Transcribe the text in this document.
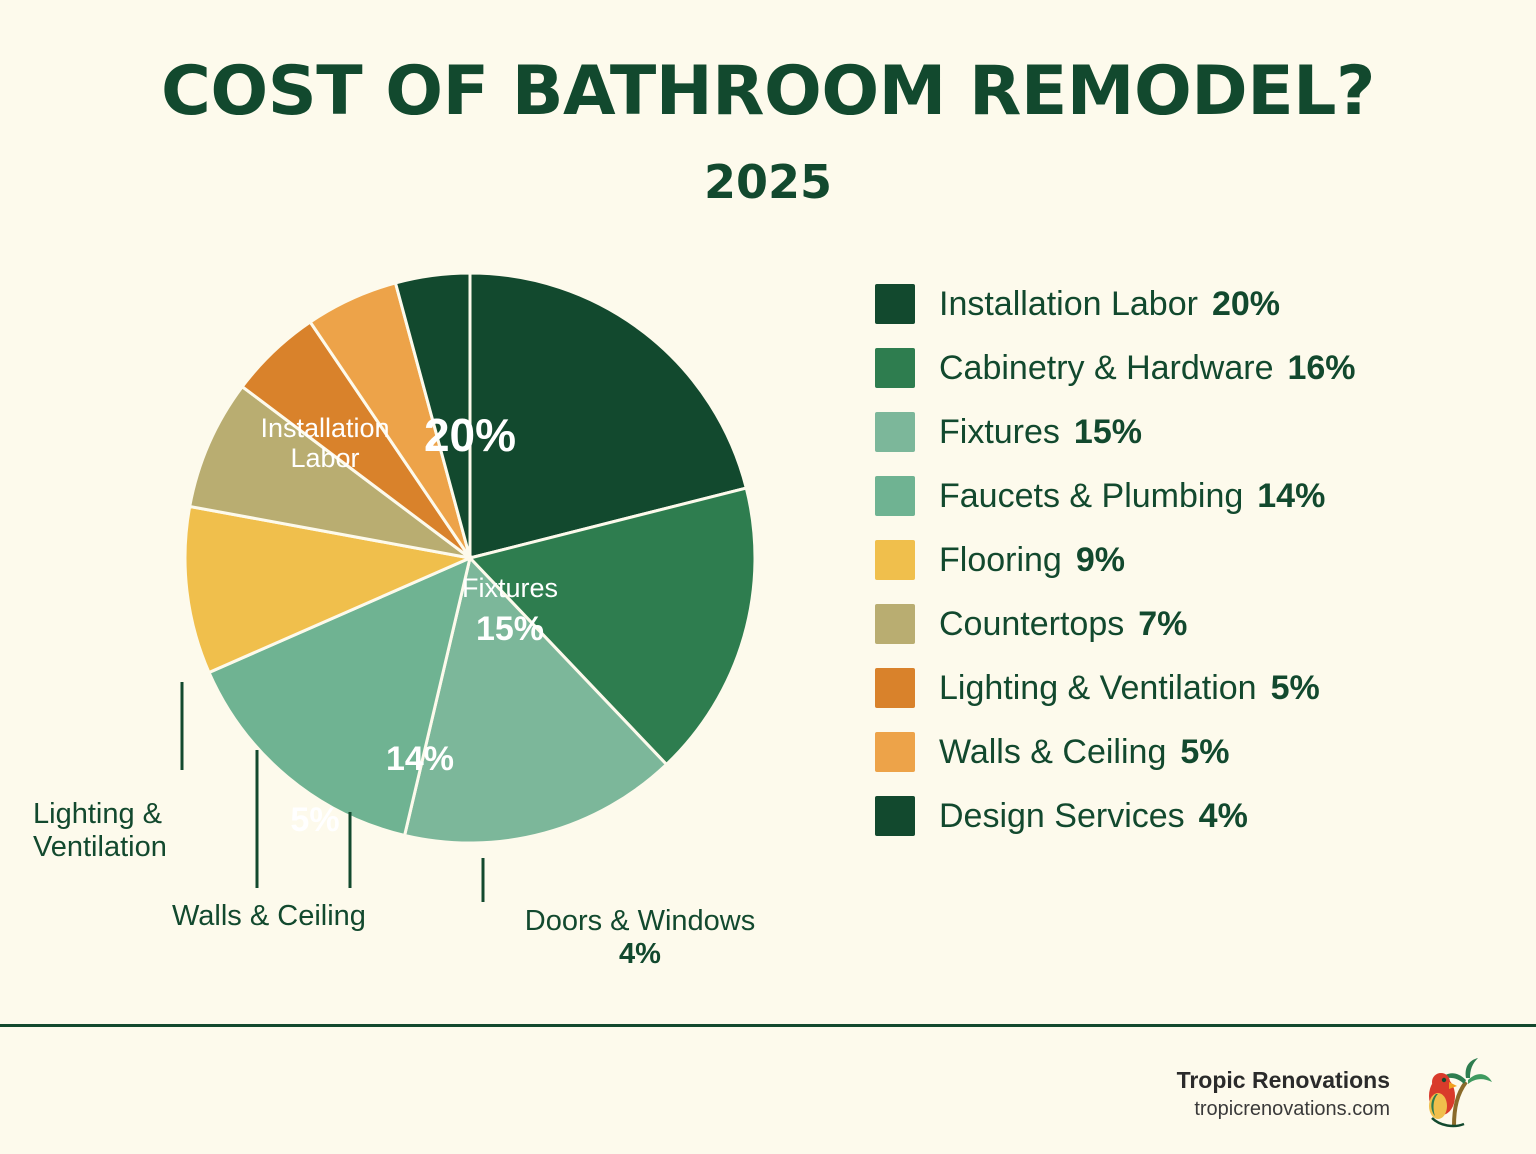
COST OF BATHROOM REMODEL?
2025
Installation
Labor	20%
Fixtures
15%
14%
5%
Lighting &
Ventilation
Walls & Ceiling	Doors & Windows
4%
Installation Labor 20%
Cabinetry & Hardware 16%
Fixtures 15%
Faucets & Plumbing 14%
Flooring 9%
Countertops 7%
Lighting & Ventilation 5%
Walls & Ceiling 5%
Design Services 4%
Tropic Renovations
tropicrenovations.com
